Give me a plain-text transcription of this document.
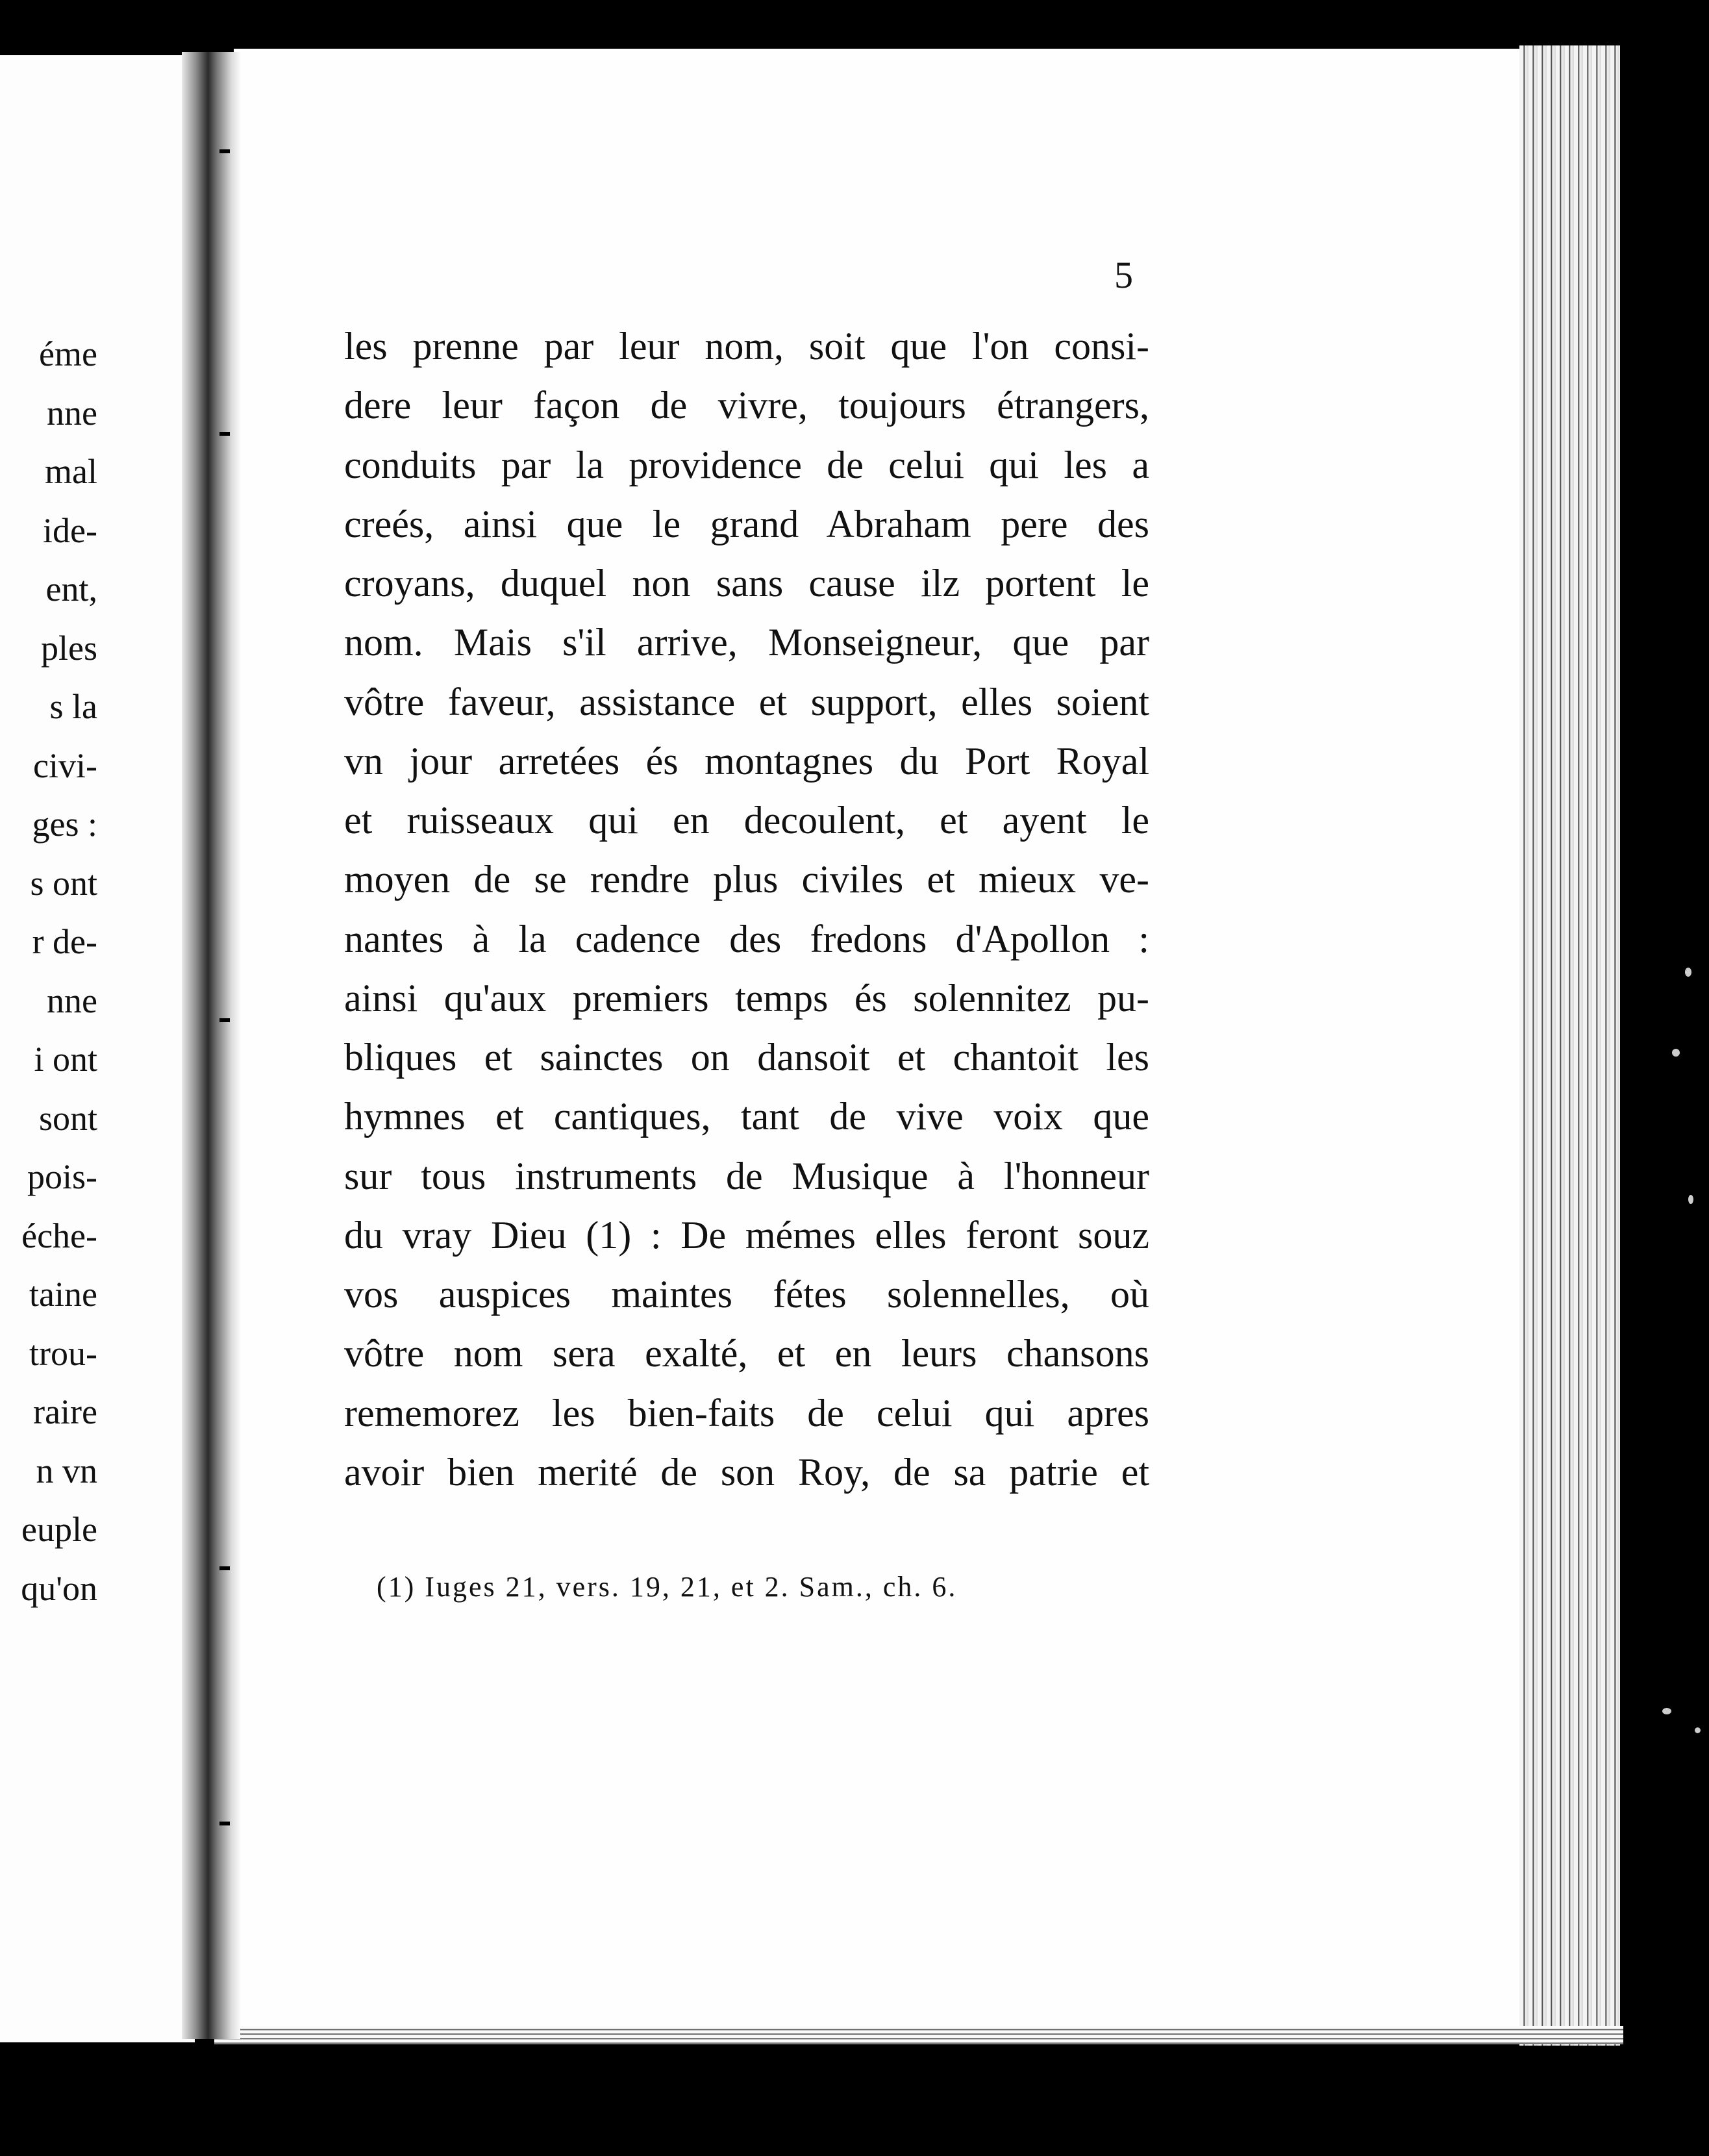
éme
nne
mal
ide-
ent,
ples
s la
civi-
ges :
s ont
r de-
nne
i ont
sont
pois-
éche-
taine
trou-
raire
n vn
euple
qu'on

5

les prenne par leur nom, soit que l'on consi-
dere leur façon de vivre, toujours étrangers,
conduits par la providence de celui qui les a
creés, ainsi que le grand Abraham pere des
croyans, duquel non sans cause ilz portent le
nom. Mais s'il arrive, Monseigneur, que par
vôtre faveur, assistance et support, elles soient
vn jour arretées és montagnes du Port Royal
et ruisseaux qui en decoulent, et ayent le
moyen de se rendre plus civiles et mieux ve-
nantes à la cadence des fredons d'Apollon :
ainsi qu'aux premiers temps és solennitez pu-
bliques et sainctes on dansoit et chantoit les
hymnes et cantiques, tant de vive voix que
sur tous instruments de Musique à l'honneur
du vray Dieu (1) : De mémes elles feront souz
vos auspices maintes fétes solennelles, où
vôtre nom sera exalté, et en leurs chansons
rememorez les bien-faits de celui qui apres
avoir bien merité de son Roy, de sa patrie et

(1) Iuges 21, vers. 19, 21, et 2. Sam., ch. 6.
